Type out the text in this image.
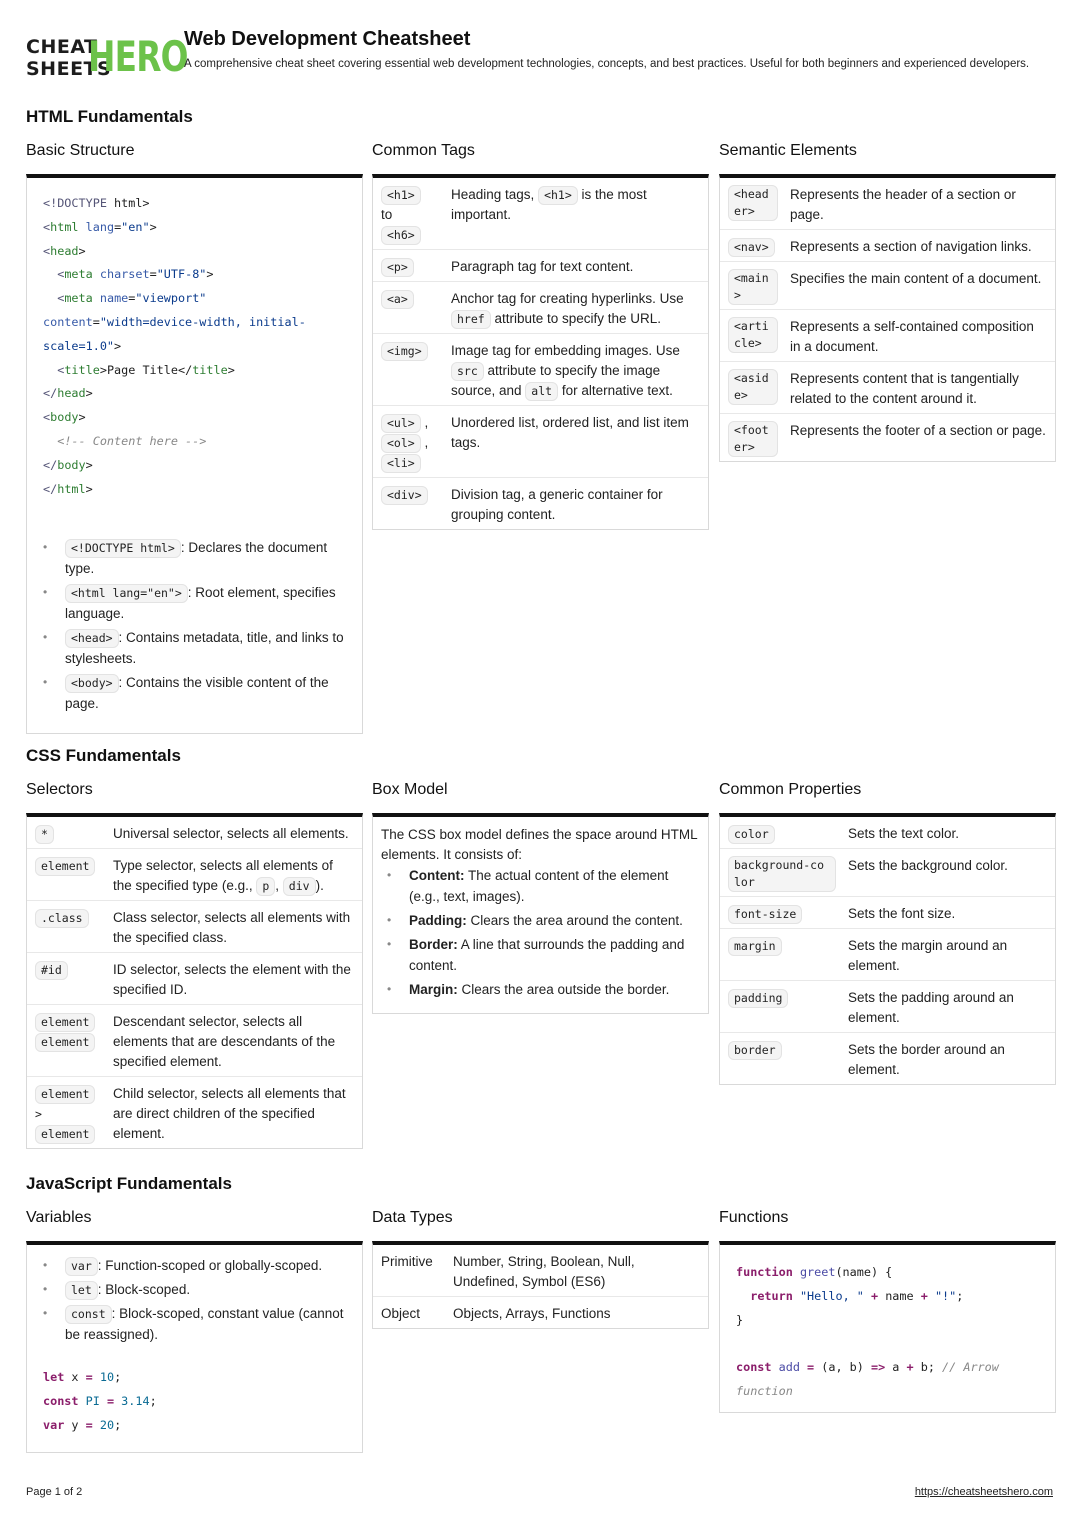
CHEAT
SHEETS
HERO
Web Development Cheatsheet
A comprehensive cheat sheet covering essential web development technologies, concepts, and best practices. Useful for both beginners and experienced developers.
HTML Fundamentals
Basic Structure
<!DOCTYPE html>
<html lang="en">
<head>
<meta charset="UTF-8">
<meta name="viewport"
content="width=device-width, initial-scale=1.0">
<title>Page Title</title>
</head>
<body>
<!-- Content here -->
</body>
</html>
• <!DOCTYPE html> : Declares the document type.
• <html lang="en"> : Root element, specifies language.
• <head> : Contains metadata, title, and links to stylesheets.
• <body> : Contains the visible content of the page.
Common Tags
<h1>
to
<h6>	Heading tags, <h1> is the most important.
<p>	Paragraph tag for text content.
<a>	Anchor tag for creating hyperlinks. Use href attribute to specify the URL.
<img>	Image tag for embedding images. Use src attribute to specify the image source, and alt for alternative text.
<ul> ,
<ol> ,
<li>	Unordered list, ordered list, and list item tags.
<div>	Division tag, a generic container for grouping content.
Semantic Elements
<header>	Represents the header of a section or page.
<nav>	Represents a section of navigation links.
<main>	Specifies the main content of a document.
<article>	Represents a self-contained composition in a document.
<aside>	Represents content that is tangentially related to the content around it.
<footer>	Represents the footer of a section or page.
CSS Fundamentals
Selectors
*	Universal selector, selects all elements.
element	Type selector, selects all elements of the specified type (e.g., p , div ).
.class	Class selector, selects all elements with the specified class.
#id	ID selector, selects the element with the specified ID.
element
element	Descendant selector, selects all elements that are descendants of the specified element.
element
>
element	Child selector, selects all elements that are direct children of the specified element.
Box Model
The CSS box model defines the space around HTML elements. It consists of:
• Content: The actual content of the element (e.g., text, images).
• Padding: Clears the area around the content.
• Border: A line that surrounds the padding and content.
• Margin: Clears the area outside the border.
Common Properties
color	Sets the text color.
background-color	Sets the background color.
font-size	Sets the font size.
margin	Sets the margin around an element.
padding	Sets the padding around an element.
border	Sets the border around an element.
JavaScript Fundamentals
Variables
• var : Function-scoped or globally-scoped.
• let : Block-scoped.
• const : Block-scoped, constant value (cannot be reassigned).
let x = 10;
const PI = 3.14;
var y = 20;
Data Types
Primitive	Number, String, Boolean, Null, Undefined, Symbol (ES6)
Object	Objects, Arrays, Functions
Functions
function greet(name) {
return "Hello, " + name + "!";
}

const add = (a, b) => a + b; // Arrow function
Page 1 of 2	https://cheatsheetshero.com
